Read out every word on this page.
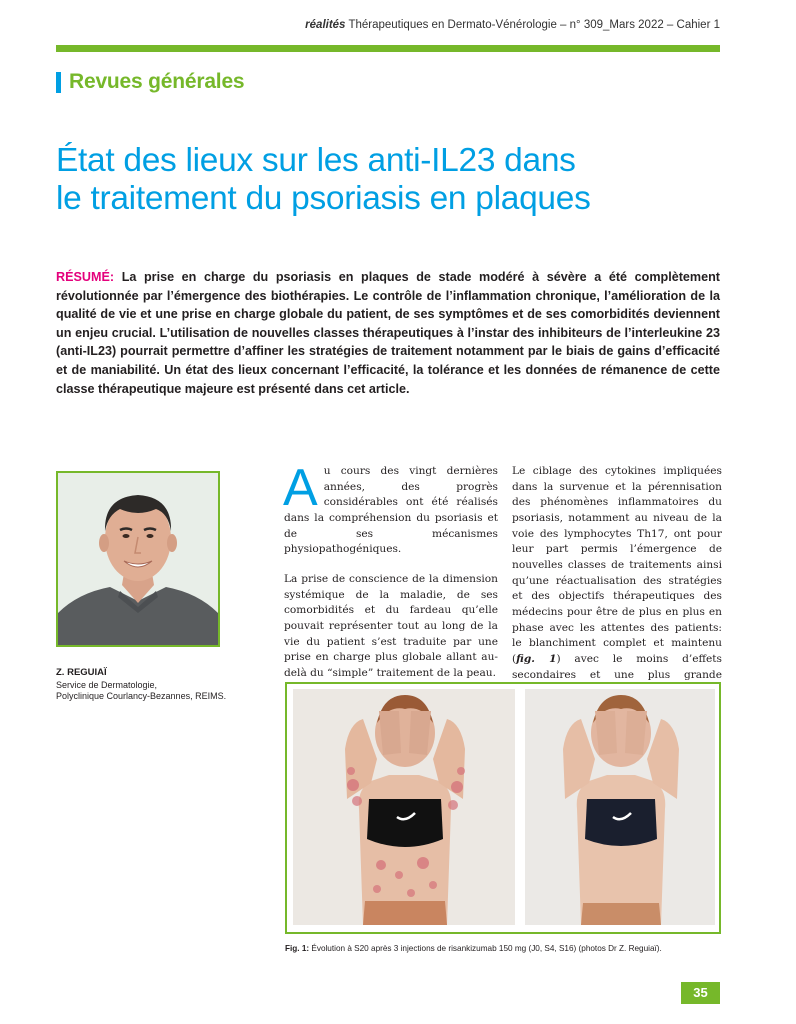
réalités Thérapeutiques en Dermato-Vénérologie – n° 309_Mars 2022 – Cahier 1
Revues générales
État des lieux sur les anti-IL23 dans
le traitement du psoriasis en plaques
RÉSUMÉ: La prise en charge du psoriasis en plaques de stade modéré à sévère a été complètement révolutionnée par l’émergence des biothérapies. Le contrôle de l’inflammation chronique, l’amélioration de la qualité de vie et une prise en charge globale du patient, de ses symptômes et de ses comorbidités deviennent un enjeu crucial. L’utilisation de nouvelles classes thérapeutiques à l’instar des inhibiteurs de l’interleukine 23 (anti-IL23) pourrait permettre d’affiner les stratégies de traitement notamment par le biais de gains d’efficacité et de maniabilité. Un état des lieux concernant l’efficacité, la tolérance et les données de rémanence de cette classe thérapeutique majeure est présenté dans cet article.
Z. REGUIAÏ
Service de Dermatologie,
Polyclinique Courlancy-Bezannes, REIMS.

Au cours des vingt dernières années, des progrès considérables ont été réalisés dans la compréhension du psoriasis et de ses mécanismes physiopathogéniques.

La prise de conscience de la dimension systémique de la maladie, de ses comorbidités et du fardeau qu’elle pouvait représenter tout au long de la vie du patient s’est traduite par une prise en charge plus globale allant au-delà du “simple” traitement de la peau.

Le ciblage des cytokines impliquées dans la survenue et la pérennisation des phénomènes inflammatoires du psoriasis, notamment au niveau de la voie des lymphocytes Th17, ont pour leur part permis l’émergence de nouvelles classes de traitements ainsi qu’une réactualisation des stratégies et des objectifs thérapeutiques des médecins pour être de plus en plus en phase avec les attentes des patients: le blanchiment complet et maintenu (fig. 1) avec le moins d’effets secondaires et une plus grande

Fig. 1: Évolution à S20 après 3 injections de risankizumab 150 mg (J0, S4, S16) (photos Dr Z. Reguiaï).
35
